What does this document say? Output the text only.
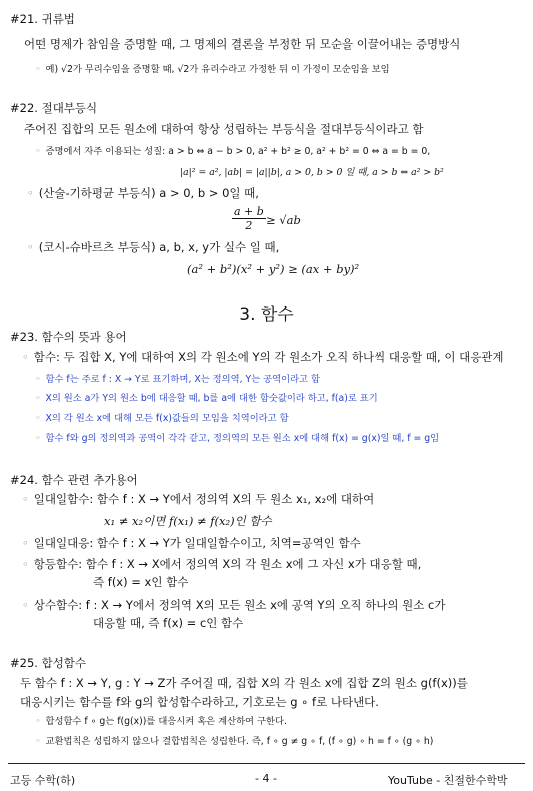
#21. 귀류법
어떤 명제가 참임을 증명할 때, 그 명제의 결론을 부정한 뒤 모순을 이끌어내는 증명방식
◦ 예) √2가 무리수임을 증명할 때, √2가 유리수라고 가정한 뒤 이 가정이 모순임을 보임
#22. 절대부등식
주어진 집합의 모든 원소에 대하여 항상 성립하는 부등식을 절대부등식이라고 함
◦ 증명에서 자주 이용되는 성질: a > b ⇔ a − b > 0, a² + b² ≥ 0, a² + b² = 0 ⇔ a = b = 0,
|a|² = a², |ab| = |a||b|, a > 0, b > 0 일 때, a > b ⇔ a² > b²
◦ (산술-기하평균 부등식) a > 0, b > 0일 때,
$\frac{a + b}{2} \ge √ab$
◦ (코시-슈바르츠 부등식) a, b, x, y가 실수 일 때,
(a² + b²)(x² + y²) ≥ (ax + by)²
3. 함수
#23. 함수의 뜻과 용어
◦ 함수: 두 집합 X, Y에 대하여 X의 각 원소에 Y의 각 원소가 오직 하나씩 대응할 때, 이 대응관계
◦ 함수 f는 주로 f : X → Y로 표기하며, X는 정의역, Y는 공역이라고 함
◦ X의 원소 a가 Y의 원소 b에 대응할 때, b를 a에 대한 함숫값이라 하고, f(a)로 표기
◦ X의 각 원소 x에 대해 모든 f(x)값들의 모임을 치역이라고 함
◦ 함수 f와 g의 정의역과 공역이 각각 같고, 정의역의 모든 원소 x에 대해 f(x) = g(x)일 때, f = g임
#24. 함수 관련 추가용어
◦ 일대일함수: 함수 f : X → Y에서 정의역 X의 두 원소 x₁, x₂에 대하여
x₁ ≠ x₂이면 f(x₁) ≠ f(x₂)인 함수
◦ 일대일대응: 함수 f : X → Y가 일대일함수이고, 치역=공역인 함수
◦ 항등함수: 함수 f : X → X에서 정의역 X의 각 원소 x에 그 자신 x가 대응할 때,
즉 f(x) = x인 함수
◦ 상수함수: f : X → Y에서 정의역 X의 모든 원소 x에 공역 Y의 오직 하나의 원소 c가
대응할 때, 즉 f(x) = c인 함수
#25. 합성함수
두 함수 f : X → Y, g : Y → Z가 주어질 때, 집합 X의 각 원소 x에 집합 Z의 원소 g(f(x))를
대응시키는 함수를 f와 g의 합성함수라하고, 기호로는 g ∘ f로 나타낸다.
◦ 합성함수 f ∘ g는 f(g(x))를 대응시켜 혹은 계산하여 구한다.
◦ 교환법칙은 성립하지 않으나 결합법칙은 성립한다. 즉, f ∘ g ≠ g ∘ f, (f ∘ g) ∘ h = f ∘ (g ∘ h)
고등 수학(하)	- 4 -	YouTube - 친절한수학박
